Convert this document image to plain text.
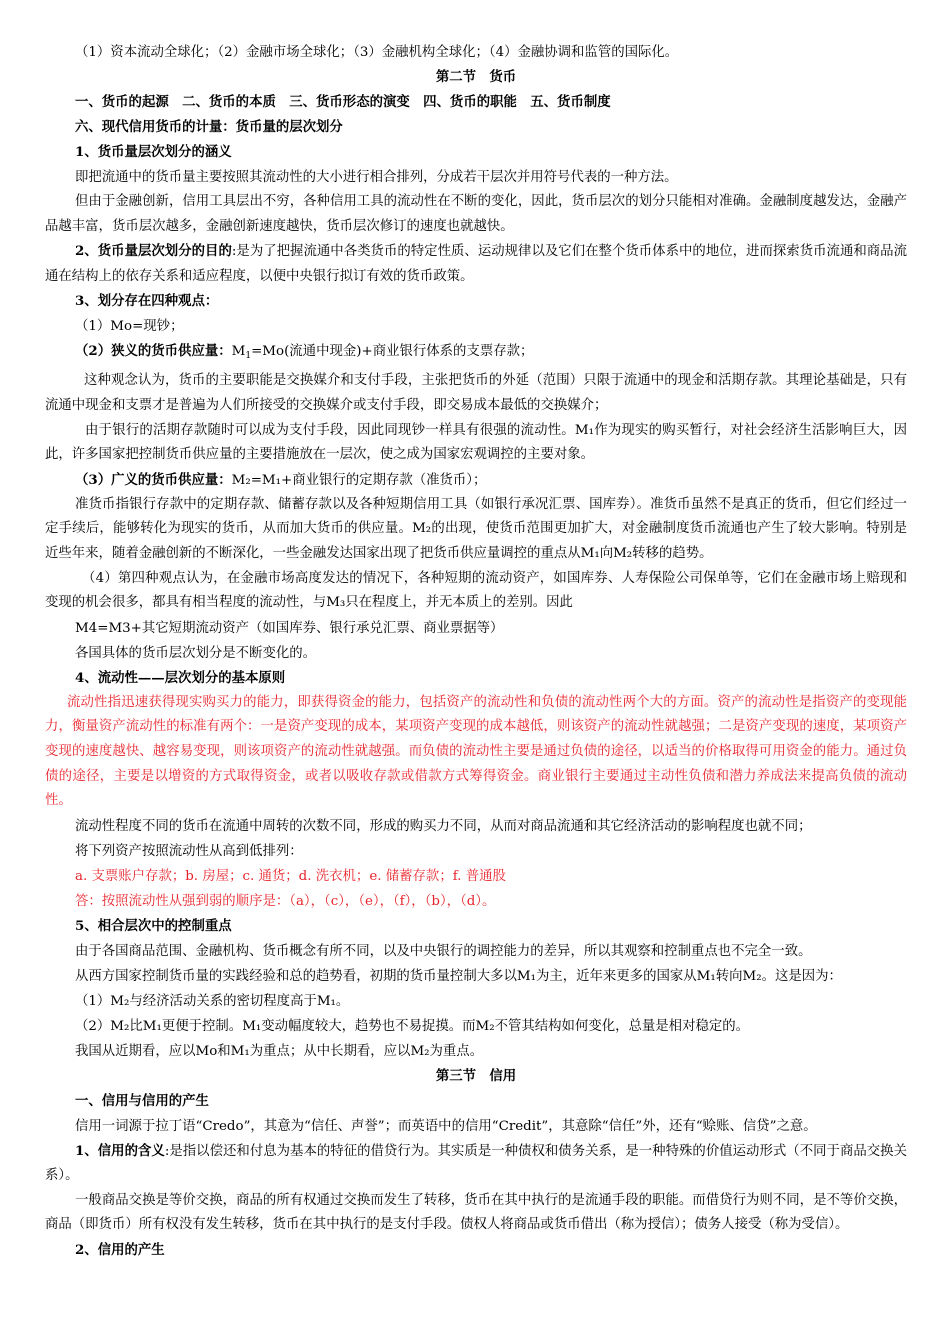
（1）资本流动全球化；（2）金融市场全球化；（3）金融机构全球化；（4）金融协调和监管的国际化。
第二节　货币
一、货币的起源　二、货币的本质　三、货币形态的演变　四、货币的职能　五、货币制度
六、现代信用货币的计量：货币量的层次划分
1、货币量层次划分的涵义
即把流通中的货币量主要按照其流动性的大小进行相合排列，分成若干层次并用符号代表的一种方法。

但由于金融创新，信用工具层出不穷，各种信用工具的流动性在不断的变化，因此，货币层次的划分只能相对准确。金融制度越发达，金融产品越丰富，货币层次越多，金融创新速度越快，货币层次修订的速度也就越快。

2、货币量层次划分的目的:是为了把握流通中各类货币的特定性质、运动规律以及它们在整个货币体系中的地位，进而探索货币流通和商品流通在结构上的依存关系和适应程度，以便中央银行拟订有效的货币政策。

3、划分存在四种观点：
（1）Mo=现钞；
（2）狭义的货币供应量：$M_1=Mo$(流通中现金)+商业银行体系的支票存款；

这种观念认为，货币的主要职能是交换媒介和支付手段，主张把货币的外延（范围）只限于流通中的现金和活期存款。其理论基础是，只有流通中现金和支票才是普遍为人们所接受的交换媒介或支付手段，即交易成本最低的交换媒介；

由于银行的活期存款随时可以成为支付手段，因此同现钞一样具有很强的流动性。M₁作为现实的购买暂行，对社会经济生活影响巨大，因此，许多国家把控制货币供应量的主要措施放在一层次，使之成为国家宏观调控的主要对象。

（3）广义的货币供应量：M₂=M₁+商业银行的定期存款（准货币）；

准货币指银行存款中的定期存款、储蓄存款以及各种短期信用工具（如银行承况汇票、国库券）。准货币虽然不是真正的货币，但它们经过一定手续后，能够转化为现实的货币，从而加大货币的供应量。M₂的出现，使货币范围更加扩大，对金融制度货币流通也产生了较大影响。特别是近些年来，随着金融创新的不断深化，一些金融发达国家出现了把货币供应量调控的重点从M₁向M₂转移的趋势。

（4）第四种观点认为，在金融市场高度发达的情况下，各种短期的流动资产，如国库券、人寿保险公司保单等，它们在金融市场上赔现和变现的机会很多，都具有相当程度的流动性，与M₃只在程度上，并无本质上的差别。因此

M4=M3+其它短期流动资产（如国库券、银行承兑汇票、商业票据等）
各国具体的货币层次划分是不断变化的。
4、流动性——层次划分的基本原则

流动性指迅速获得现实购买力的能力，即获得资金的能力，包括资产的流动性和负债的流动性两个大的方面。资产的流动性是指资产的变现能力，衡量资产流动性的标准有两个：一是资产变现的成本，某项资产变现的成本越低，则该资产的流动性就越强；二是资产变现的速度，某项资产变现的速度越快、越容易变现，则该项资产的流动性就越强。而负债的流动性主要是通过负债的途径，以适当的价格取得可用资金的能力。通过负债的途径，主要是以增资的方式取得资金，或者以吸收存款或借款方式筹得资金。商业银行主要通过主动性负债和潜力养成法来提高负债的流动性。

流动性程度不同的货币在流通中周转的次数不同，形成的购买力不同，从而对商品流通和其它经济活动的影响程度也就不同；
将下列资产按照流动性从高到低排列：
a. 支票账户存款；b. 房屋；c. 通货；d. 洗衣机；e. 储蓄存款；f. 普通股
答：按照流动性从强到弱的顺序是：（a），（c），（e），（f），（b），（d）。
5、相合层次中的控制重点
由于各国商品范围、金融机构、货币概念有所不同，以及中央银行的调控能力的差异，所以其观察和控制重点也不完全一致。
从西方国家控制货币量的实践经验和总的趋势看，初期的货币量控制大多以M₁为主，近年来更多的国家从M₁转向M₂。这是因为：
（1）M₂与经济活动关系的密切程度高于M₁。
（2）M₂比M₁更便于控制。M₁变动幅度较大，趋势也不易捉摸。而M₂不管其结构如何变化，总量是相对稳定的。
我国从近期看，应以Mo和M₁为重点；从中长期看，应以M₂为重点。
第三节　信用
一、信用与信用的产生
信用一词源于拉丁语“Credo”，其意为“信任、声誉”；而英语中的信用“Credit”，其意除“信任”外，还有“赊账、信贷”之意。

1、信用的含义:是指以偿还和付息为基本的特征的借贷行为。其实质是一种债权和债务关系，是一种特殊的价值运动形式（不同于商品交换关系）。

一般商品交换是等价交换，商品的所有权通过交换而发生了转移，货币在其中执行的是流通手段的职能。而借贷行为则不同，是不等价交换，商品（即货币）所有权没有发生转移，货币在其中执行的是支付手段。债权人将商品或货币借出（称为授信）；债务人接受（称为受信）。

2、信用的产生
